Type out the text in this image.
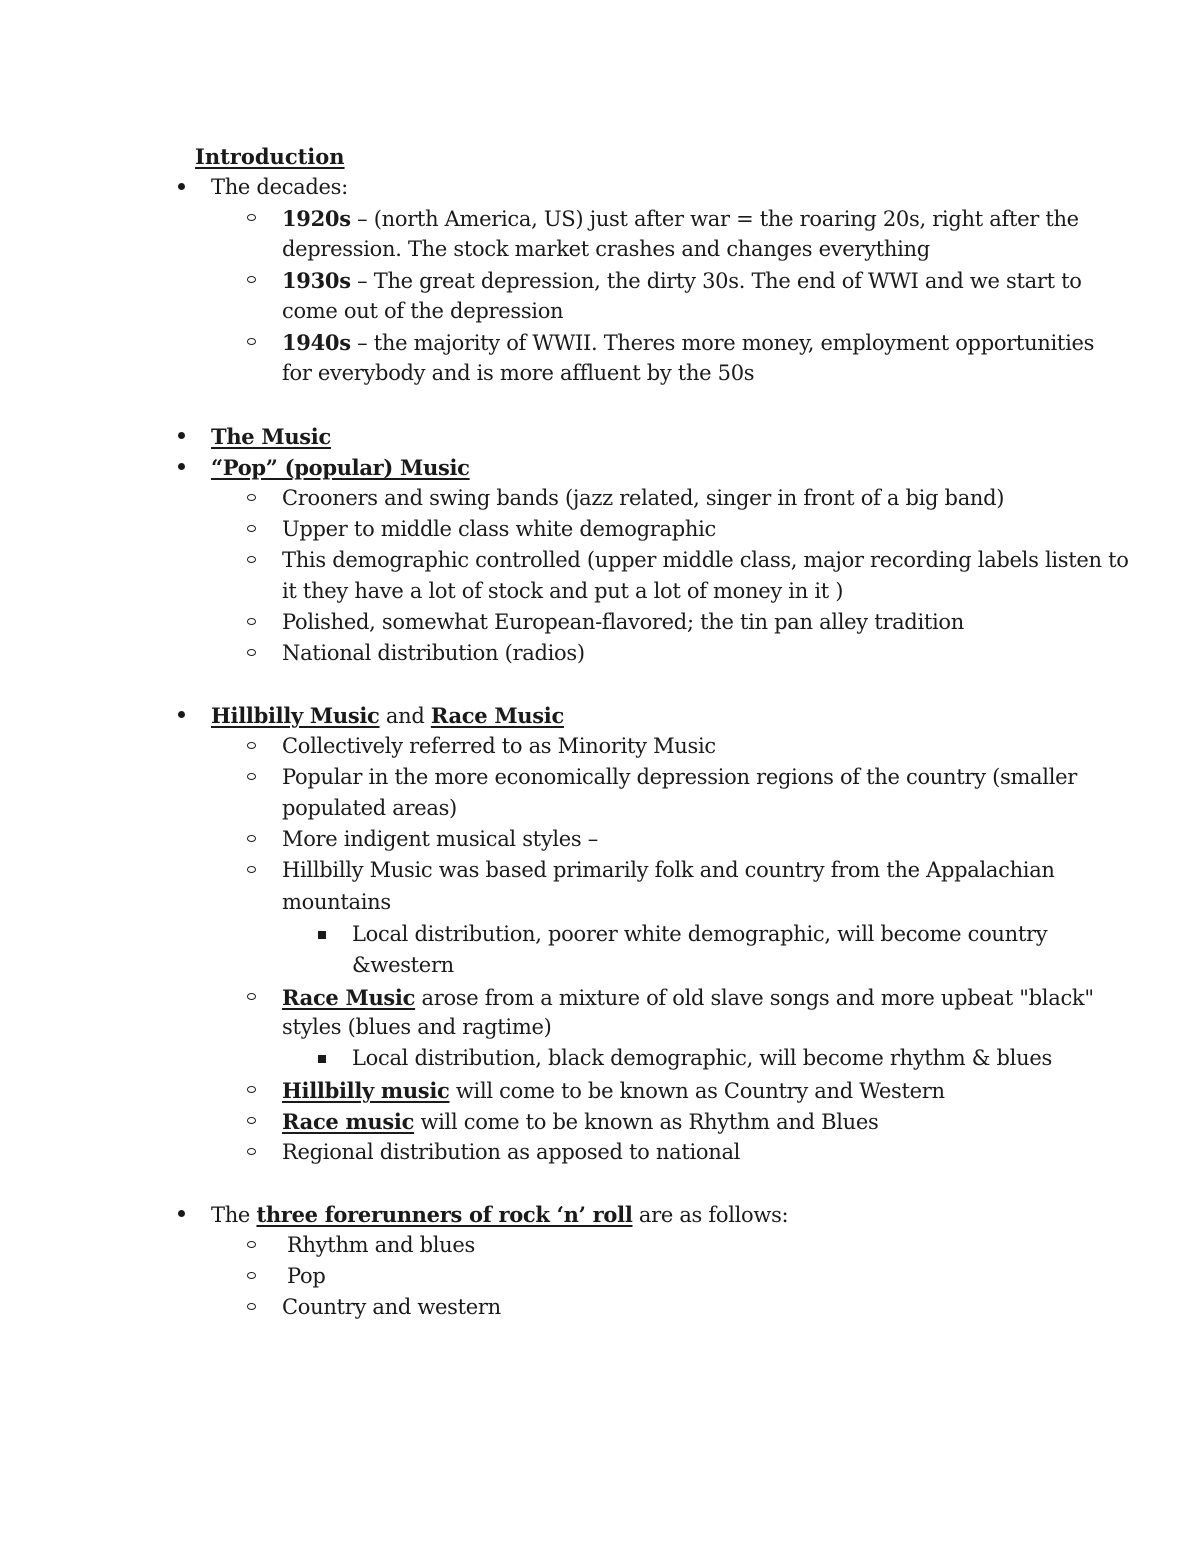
Introduction
The decades:
1920s – (north America, US) just after war = the roaring 20s, right after the
depression. The stock market crashes and changes everything
1930s – The great depression, the dirty 30s. The end of WWI and we start to
come out of the depression
1940s – the majority of WWII. Theres more money, employment opportunities
for everybody and is more affluent by the 50s
The Music
“Pop” (popular) Music
Crooners and swing bands (jazz related, singer in front of a big band)
Upper to middle class white demographic
This demographic controlled (upper middle class, major recording labels listen to
it they have a lot of stock and put a lot of money in it )
Polished, somewhat European-flavored; the tin pan alley tradition
National distribution (radios)
Hillbilly Music and Race Music
Collectively referred to as Minority Music
Popular in the more economically depression regions of the country (smaller
populated areas)
More indigent musical styles –
Hillbilly Music was based primarily folk and country from the Appalachian
mountains
Local distribution, poorer white demographic, will become country
&western
Race Music arose from a mixture of old slave songs and more upbeat "black"
styles (blues and ragtime)
Local distribution, black demographic, will become rhythm & blues
Hillbilly music will come to be known as Country and Western
Race music will come to be known as Rhythm and Blues
Regional distribution as apposed to national
The three forerunners of rock ‘n’ roll are as follows:
Rhythm and blues
Pop
Country and western
